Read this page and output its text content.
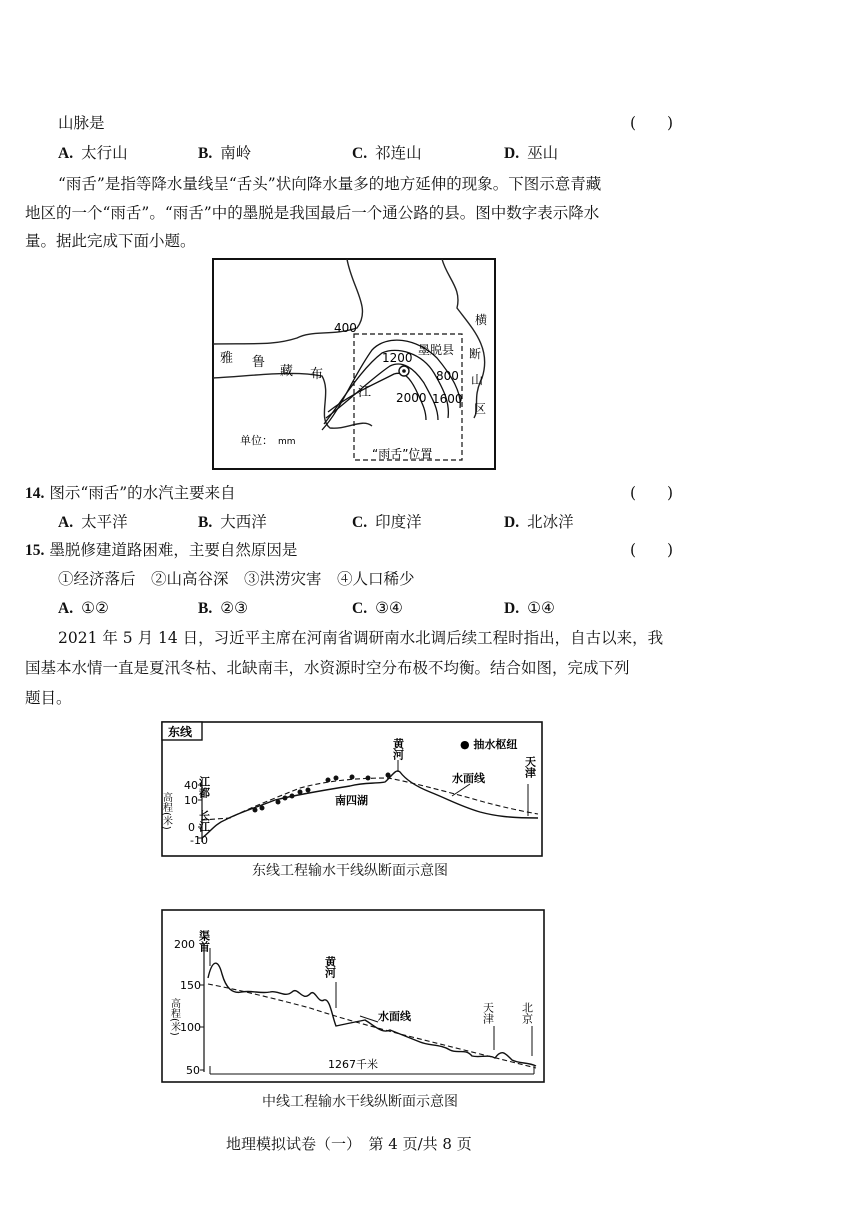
山脉是	(　　)
A. 太行山	B. 南岭	C. 祁连山	D. 巫山
“雨舌”是指等降水量线呈“舌头”状向降水量多的地方延伸的现象。下图示意青藏
地区的一个“雨舌”。“雨舌”中的墨脱是我国最后一个通公路的县。图中数字表示降水
量。据此完成下面小题。
400
1200
800
2000 1600
墨脱县
雅 鲁
藏 布
江
横
断
山
区
单位： mm
“雨舌”位置
14. 图示“雨舌”的水汽主要来自	(　　)
A. 太平洋	B. 大西洋	C. 印度洋	D. 北冰洋
15. 墨脱修建道路困难，主要自然原因是	(　　)
①经济落后　②山高谷深　③洪涝灾害　④人口稀少
A. ①②	B. ②③	C. ③④	D. ①④
2021 年 5 月 14 日，习近平主席在河南省调研南水北调后续工程时指出，自古以来，我
国基本水情一直是夏汛冬枯、北缺南丰，水资源时空分布极不均衡。结合如图，完成下列
题目。
东线
● 抽水枢纽
40
10
0
-10
高程(米)
江都
长江
南四湖
黄河
水面线
天津
东线工程输水干线纵断面示意图
200
150
100
50
高程(米)
渠首
黄河
水面线	天津 北京
1267千米
中线工程输水干线纵断面示意图
地理模拟试卷（一）　第 4 页/共 8 页
